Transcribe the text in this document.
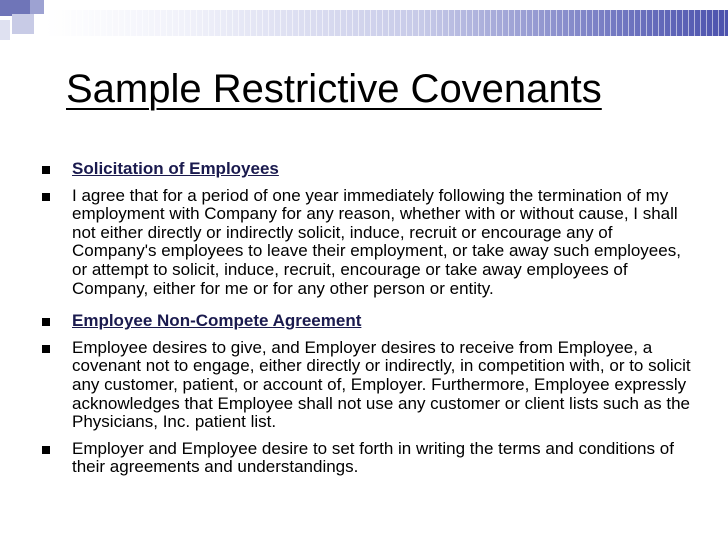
Sample Restrictive Covenants
Solicitation of Employees
I agree that for a period of one year immediately following the termination of my employment with Company for any reason, whether with or without cause, I shall not either directly or indirectly solicit, induce, recruit or encourage any of Company's employees to leave their employment, or take away such employees, or attempt to solicit, induce, recruit, encourage or take away employees of Company, either for me or for any other person or entity.
Employee Non-Compete Agreement
Employee desires to give, and Employer desires to receive from Employee, a covenant not to engage, either directly or indirectly, in competition with, or to solicit any customer, patient, or account of, Employer. Furthermore, Employee expressly acknowledges that Employee shall not use any customer or client lists such as the Physicians, Inc. patient list.
Employer and Employee desire to set forth in writing the terms and conditions of their agreements and understandings.
